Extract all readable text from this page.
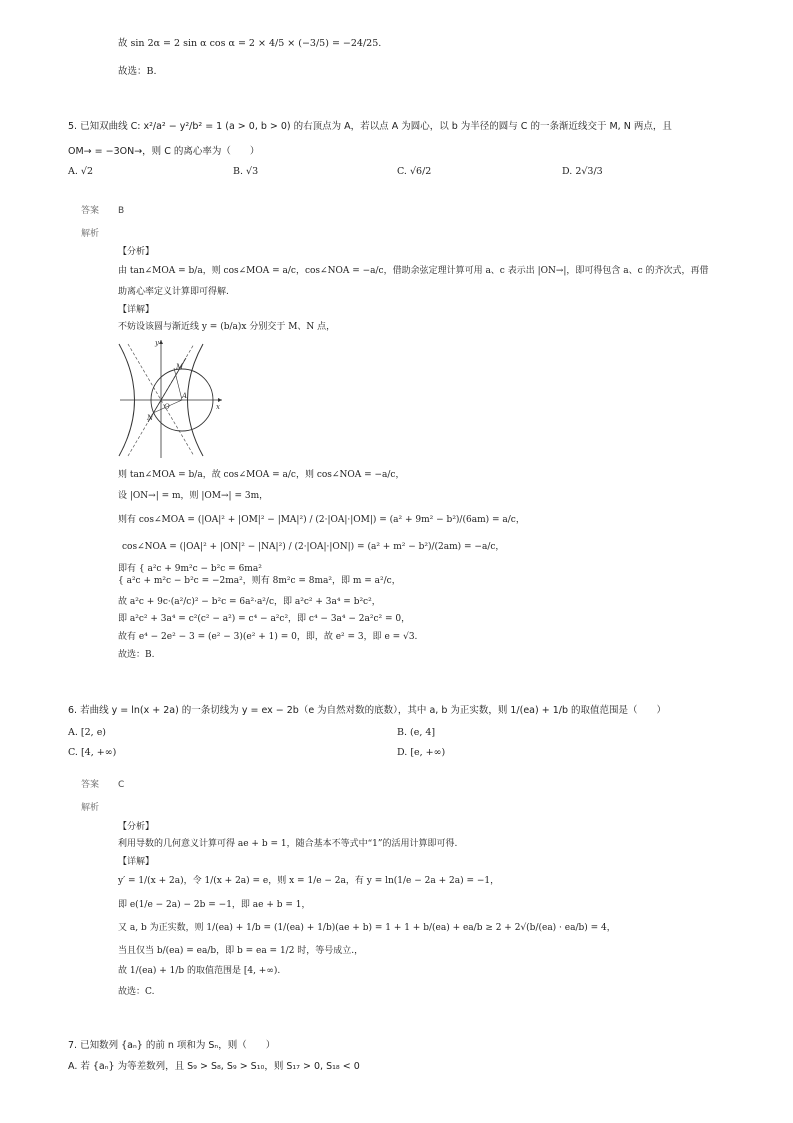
故 sin 2α = 2 sin α cos α = 2 × 4/5 × (−3/5) = −24/25.
故选：B.
5. 已知双曲线 C: x²/a² − y²/b² = 1 (a > 0, b > 0) 的右顶点为 A，若以点 A 为圆心，以 b 为半径的圆与 C 的一条渐近线交于 M, N 两点，且
OM→ = −3ON→，则 C 的离心率为（　　）
A. √2	B. √3	C. √6/2	D. 2√3/3
答案 B
解析
【分析】
由 tan∠MOA = b/a，则 cos∠MOA = a/c，cos∠NOA = −a/c，借助余弦定理计算可用 a、c 表示出 |ON→|，即可得包含 a、c 的齐次式，再借
助离心率定义计算即可得解.
【详解】
不妨设该圆与渐近线 y = (b/a)x 分别交于 M、N 点，
y
x
O
A
M
N
则 tan∠MOA = b/a，故 cos∠MOA = a/c，则 cos∠NOA = −a/c，
设 |ON→| = m，则 |OM→| = 3m，
则有 cos∠MOA = (|OA|² + |OM|² − |MA|²) / (2·|OA|·|OM|) = (a² + 9m² − b²)/(6am) = a/c，
cos∠NOA = (|OA|² + |ON|² − |NA|²) / (2·|OA|·|ON|) = (a² + m² − b²)/(2am) = −a/c，
即有 { a²c + 9m²c − b²c = 6ma²
{ a²c + m²c − b²c = −2ma²，则有 8m²c = 8ma²，即 m = a²/c，
故 a²c + 9c·(a²/c)² − b²c = 6a²·a²/c，即 a²c² + 3a⁴ = b²c²，
即 a²c² + 3a⁴ = c²(c² − a²) = c⁴ − a²c²，即 c⁴ − 3a⁴ − 2a²c² = 0，
故有 e⁴ − 2e² − 3 = (e² − 3)(e² + 1) = 0，即，故 e² = 3，即 e = √3.
故选：B.
6. 若曲线 y = ln(x + 2a) 的一条切线为 y = ex − 2b（e 为自然对数的底数），其中 a, b 为正实数，则 1/(ea) + 1/b 的取值范围是（　　）
A. [2, e)	B. (e, 4]
C. [4, +∞)	D. [e, +∞)
答案 C
解析
【分析】
利用导数的几何意义计算可得 ae + b = 1，随合基本不等式中“1”的活用计算即可得.
【详解】
y′ = 1/(x + 2a)，令 1/(x + 2a) = e，则 x = 1/e − 2a，有 y = ln(1/e − 2a + 2a) = −1，
即 e(1/e − 2a) − 2b = −1，即 ae + b = 1，
又 a, b 为正实数，则 1/(ea) + 1/b = (1/(ea) + 1/b)(ae + b) = 1 + 1 + b/(ea) + ea/b ≥ 2 + 2√(b/(ea) · ea/b) = 4，
当且仅当 b/(ea) = ea/b，即 b = ea = 1/2 时，等号成立.，
故 1/(ea) + 1/b 的取值范围是 [4, +∞).
故选：C.
7. 已知数列 {aₙ} 的前 n 项和为 Sₙ，则（　　）
A. 若 {aₙ} 为等差数列，且 S₉ > S₈, S₉ > S₁₀，则 S₁₇ > 0, S₁₈ < 0
